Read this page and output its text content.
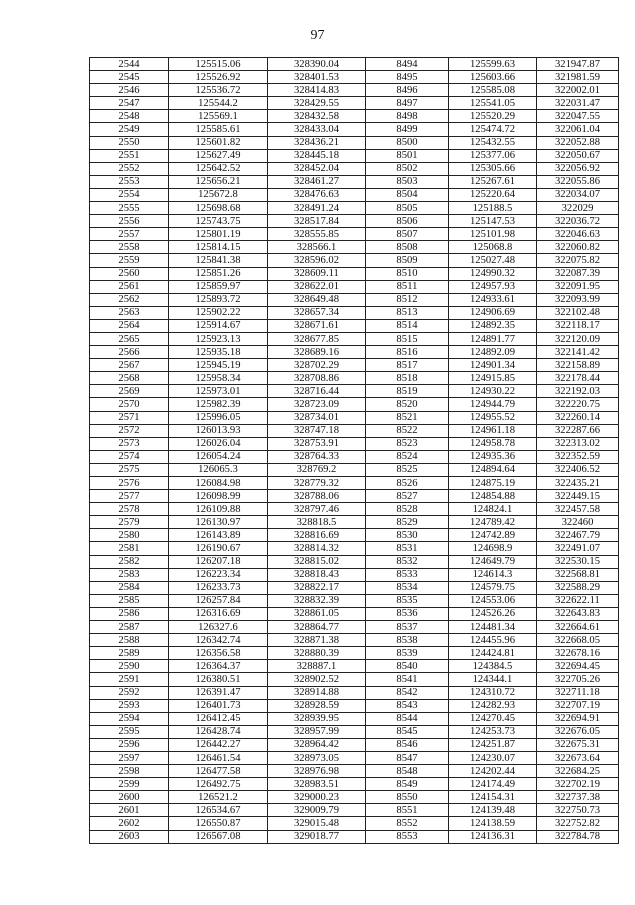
97
2544	125515.06	328390.04	8494	125599.63	321947.87
2545	125526.92	328401.53	8495	125603.66	321981.59
2546	125536.72	328414.83	8496	125585.08	322002.01
2547	125544.2	328429.55	8497	125541.05	322031.47
2548	125569.1	328432.58	8498	125520.29	322047.55
2549	125585.61	328433.04	8499	125474.72	322061.04
2550	125601.82	328436.21	8500	125432.55	322052.88
2551	125627.49	328445.18	8501	125377.06	322050.67
2552	125642.52	328452.04	8502	125305.66	322056.92
2553	125656.21	328461.27	8503	125267.61	322055.86
2554	125672.8	328476.63	8504	125220.64	322034.07
2555	125698.68	328491.24	8505	125188.5	322029
2556	125743.75	328517.84	8506	125147.53	322036.72
2557	125801.19	328555.85	8507	125101.98	322046.63
2558	125814.15	328566.1	8508	125068.8	322060.82
2559	125841.38	328596.02	8509	125027.48	322075.82
2560	125851.26	328609.11	8510	124990.32	322087.39
2561	125859.97	328622.01	8511	124957.93	322091.95
2562	125893.72	328649.48	8512	124933.61	322093.99
2563	125902.22	328657.34	8513	124906.69	322102.48
2564	125914.67	328671.61	8514	124892.35	322118.17
2565	125923.13	328677.85	8515	124891.77	322120.09
2566	125935.18	328689.16	8516	124892.09	322141.42
2567	125945.19	328702.29	8517	124901.34	322158.89
2568	125958.34	328708.86	8518	124915.85	322178.44
2569	125973.01	328716.44	8519	124930.22	322192.03
2570	125982.39	328723.09	8520	124944.79	322220.75
2571	125996.05	328734.01	8521	124955.52	322260.14
2572	126013.93	328747.18	8522	124961.18	322287.66
2573	126026.04	328753.91	8523	124958.78	322313.02
2574	126054.24	328764.33	8524	124935.36	322352.59
2575	126065.3	328769.2	8525	124894.64	322406.52
2576	126084.98	328779.32	8526	124875.19	322435.21
2577	126098.99	328788.06	8527	124854.88	322449.15
2578	126109.88	328797.46	8528	124824.1	322457.58
2579	126130.97	328818.5	8529	124789.42	322460
2580	126143.89	328816.69	8530	124742.89	322467.79
2581	126190.67	328814.32	8531	124698.9	322491.07
2582	126207.18	328815.02	8532	124649.79	322530.15
2583	126223.34	328818.43	8533	124614.3	322568.81
2584	126233.73	328822.17	8534	124579.75	322588.29
2585	126257.84	328832.39	8535	124553.06	322622.11
2586	126316.69	328861.05	8536	124526.26	322643.83
2587	126327.6	328864.77	8537	124481.34	322664.61
2588	126342.74	328871.38	8538	124455.96	322668.05
2589	126356.58	328880.39	8539	124424.81	322678.16
2590	126364.37	328887.1	8540	124384.5	322694.45
2591	126380.51	328902.52	8541	124344.1	322705.26
2592	126391.47	328914.88	8542	124310.72	322711.18
2593	126401.73	328928.59	8543	124282.93	322707.19
2594	126412.45	328939.95	8544	124270.45	322694.91
2595	126428.74	328957.99	8545	124253.73	322676.05
2596	126442.27	328964.42	8546	124251.87	322675.31
2597	126461.54	328973.05	8547	124230.07	322673.64
2598	126477.58	328976.98	8548	124202.44	322684.25
2599	126492.75	328983.51	8549	124174.49	322702.19
2600	126521.2	329000.23	8550	124154.31	322737.38
2601	126534.67	329009.79	8551	124139.48	322750.73
2602	126550.87	329015.48	8552	124138.59	322752.82
2603	126567.08	329018.77	8553	124136.31	322784.78
